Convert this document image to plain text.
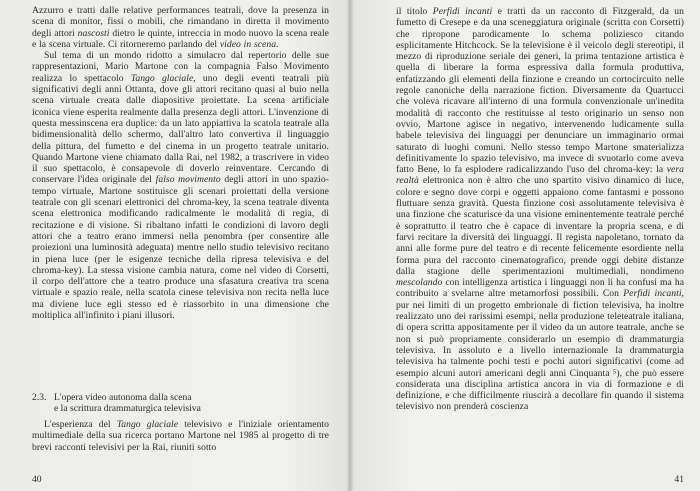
Azzurro e tratti dalle relative performances teatrali, dove la presenza in scena di monitor, fissi o mobili, che rimandano in diretta il movimento degli attori nascosti dietro le quinte, intreccia in modo nuovo la scena reale e la scena virtuale. Ci ritorneremo parlando del video in scena.

Sul tema di un mondo ridotto a simulacro dal repertorio delle sue rappresentazioni, Mario Martone con la compagnia Falso Movimento realizza lo spettacolo Tango glaciale, uno degli eventi teatrali più significativi degli anni Ottanta, dove gli attori recitano quasi al buio nella scena virtuale creata dalle diapositive proiettate. La scena artificiale iconica viene esperita realmente dalla presenza degli attori. L'invenzione di questa messinscena era duplice: da un lato appiattiva la scatola teatrale alla bidimensionalità dello schermo, dall'altro lato convertiva il linguaggio della pittura, del fumetto e del cinema in un progetto teatrale unitario. Quando Martone viene chiamato dalla Rai, nel 1982, a trascrivere in video il suo spettacolo, è consapevole di doverlo reinventare. Cercando di conservare l'idea originale del falso movimento degli attori in uno spazio-tempo virtuale, Martone sostituisce gli scenari proiettati della versione teatrale con gli scenari elettronici del chroma-key, la scena teatrale diventa scena elettronica modificando radicalmente le modalità di regia, di recitazione e di visione. Si ribaltano infatti le condizioni di lavoro degli attori che a teatro erano immersi nella penombra (per consentire alle proiezioni una luminosità adeguata) mentre nello studio televisivo recitano in piena luce (per le esigenze tecniche della ripresa televisiva e del chroma-key). La stessa visione cambia natura, come nel video di Corsetti, il corpo dell'attore che a teatro produce una sfasatura creativa tra scena virtuale e spazio reale, nella scatola cinese televisiva non recita nella luce ma diviene luce egli stesso ed è riassorbito in una dimensione che moltiplica all'infinito i piani illusori.

2.3. L'opera video autonoma dalla scena
e la scrittura drammaturgica televisiva

L'esperienza del Tango glaciale televisivo e l'iniziale orientamento multimediale della sua ricerca portano Martone nel 1985 al progetto di tre brevi racconti televisivi per la Rai, riuniti sotto

40

il titolo Perfidi incanti e tratti da un racconto di Fitzgerald, da un fumetto di Cresepe e da una sceneggiatura originale (scritta con Corsetti) che ripropone parodicamente lo schema poliziesco citando esplicitamente Hitchcock. Se la televisione è il veicolo degli stereotipi, il mezzo di riproduzione seriale dei generi, la prima tentazione artistica è quella di liberare la forma espressiva dalla formula produttiva, enfatizzando gli elementi della finzione e creando un cortocircuito nelle regole canoniche della narrazione fiction. Diversamente da Quartucci che voleva ricavare all'interno di una formula convenzionale un'inedita modalità di racconto che restituisse al testo originario un senso non ovvio, Martone agisce in negativo, intervenendo ludicamente sulla babele televisiva dei linguaggi per denunciare un immaginario ormai saturato di luoghi comuni. Nello stesso tempo Martone smaterializza definitivamente lo spazio televisivo, ma invece di svuotarlo come aveva fatto Bene, lo fa esplodere radicalizzando l'uso del chroma-key: la vera realtà elettronica non è altro che uno spartito visivo dinamico di luce, colore e segno dove corpi e oggetti appaiono come fantasmi e possono fluttuare senza gravità. Questa finzione così assolutamente televisiva è una finzione che scaturisce da una visione eminentemente teatrale perché è soprattutto il teatro che è capace di inventare la propria scena, e di farvi recitare la diversità dei linguaggi. Il regista napoletano, tornato da anni alle forme pure del teatro e di recente felicemente esordiente nella forma pura del racconto cinematografico, prende oggi debite distanze dalla stagione delle sperimentazioni multimediali, nondimeno mescolando con intelligenza artistica i linguaggi non li ha confusi ma ha contribuito a svelarne altre metamorfosi possibili. Con Perfidi incanti, pur nei limiti di un progetto embrionale di fiction televisiva, ha inoltre realizzato uno dei rarissimi esempi, nella produzione teleteatrale italiana, di opera scritta appositamente per il video da un autore teatrale, anche se non si può propriamente considerarlo un esempio di drammaturgia televisiva. In assoluto e a livello internazionale la drammaturgia televisiva ha talmente pochi testi e pochi autori significativi (come ad esempio alcuni autori americani degli anni Cinquanta ⁵), che può essere considerata una disciplina artistica ancora in via di formazione e di definizione, e che difficilmente riuscirà a decollare fin quando il sistema televisivo non prenderà coscienza

41
